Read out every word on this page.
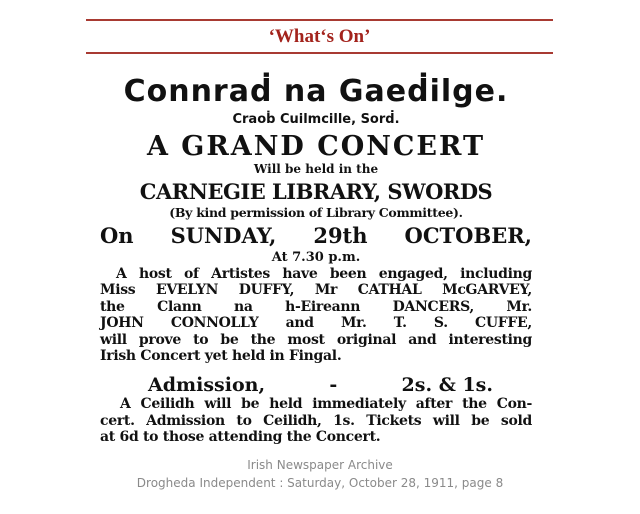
‘What‘s On’
Connraḋ na Gaeḋilge.
Craoḃ Cuilmcille, Sorḋ.
A GRAND CONCERT
Will be held in the
CARNEGIE LIBRARY, SWORDS
(By kind permission of Library Committee).
On SUNDAY, 29th OCTOBER,
At 7.30 p.m.
A host of Artistes have been engaged, including
Miss EVELYN DUFFY, Mr CATHAL McGARVEY,
the Clann na h-Eireann DANCERS, Mr.
JOHN CONNOLLY and Mr. T. S. CUFFE,
will prove to be the most original and interesting
Irish Concert yet held in Fingal.
Admission,	-	2s. & 1s.
A Ceilidh will be held immediately after the Con-
cert. Admission to Ceilidh, 1s. Tickets will be sold
at 6d to those attending the Concert.
Irish Newspaper Archive
Drogheda Independent : Saturday, October 28, 1911, page 8
